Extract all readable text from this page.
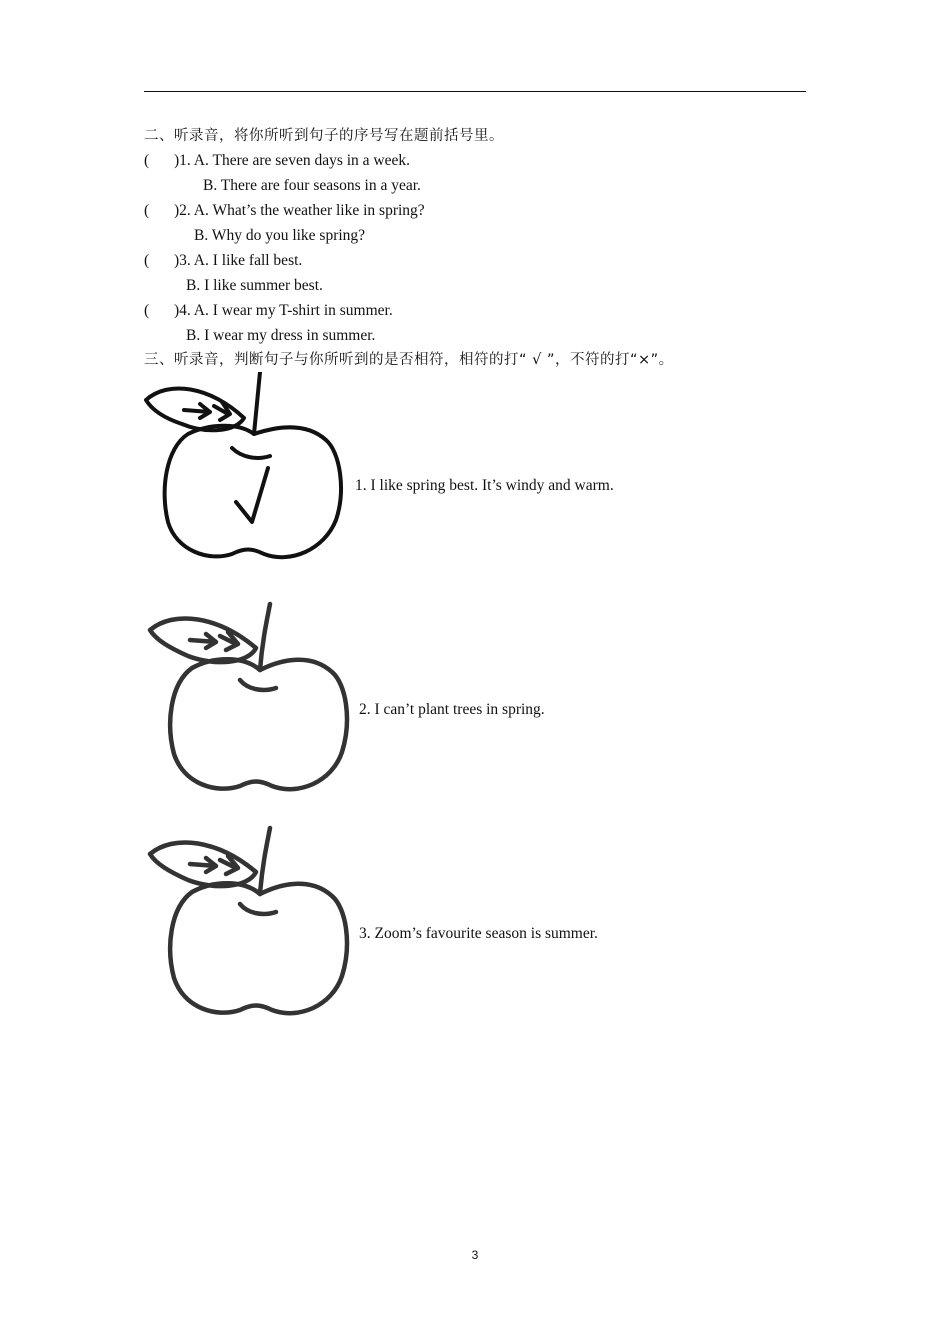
二、听录音，将你所听到句子的序号写在题前括号里。
( )1. A. There are seven days in a week.
B. There are four seasons in a year.
( )2. A. What’s the weather like in spring?
B. Why do you like spring?
( )3. A. I like fall best.
B. I like summer best.
( )4. A. I wear my T-shirt in summer.
B. I wear my dress in summer.
三、听录音，判断句子与你所听到的是否相符，相符的打“ √ ”，不符的打“×”。
1. I like spring best. It’s windy and warm.
2. I can’t plant trees in spring.
3. Zoom’s favourite season is summer.
3
